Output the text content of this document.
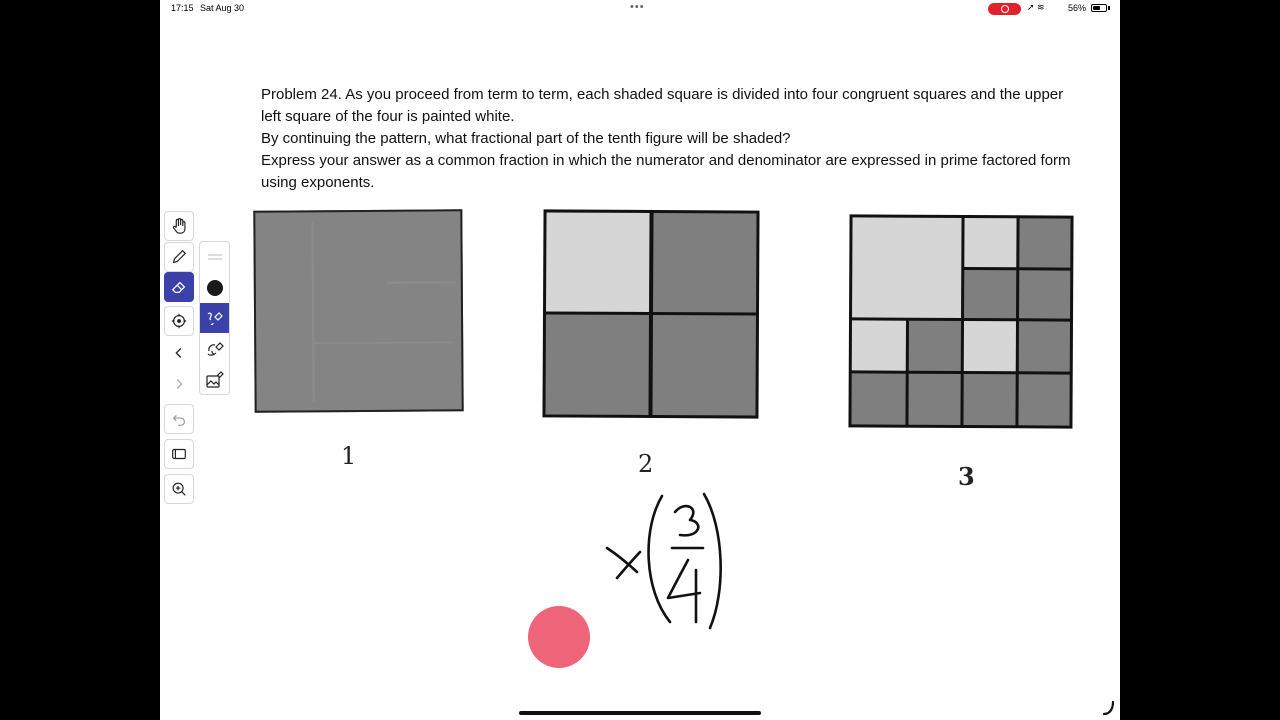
17:15 Sat Aug 30	•••	➚ ≋	56%

Problem 24. As you proceed from term to term, each shaded square is divided into four congruent squares and the upper left square of the four is painted white.

By continuing the pattern, what fractional part of the tenth figure will be shaded?

Express your answer as a common fraction in which the numerator and denominator are expressed in prime factored form using exponents.

1	2	3
